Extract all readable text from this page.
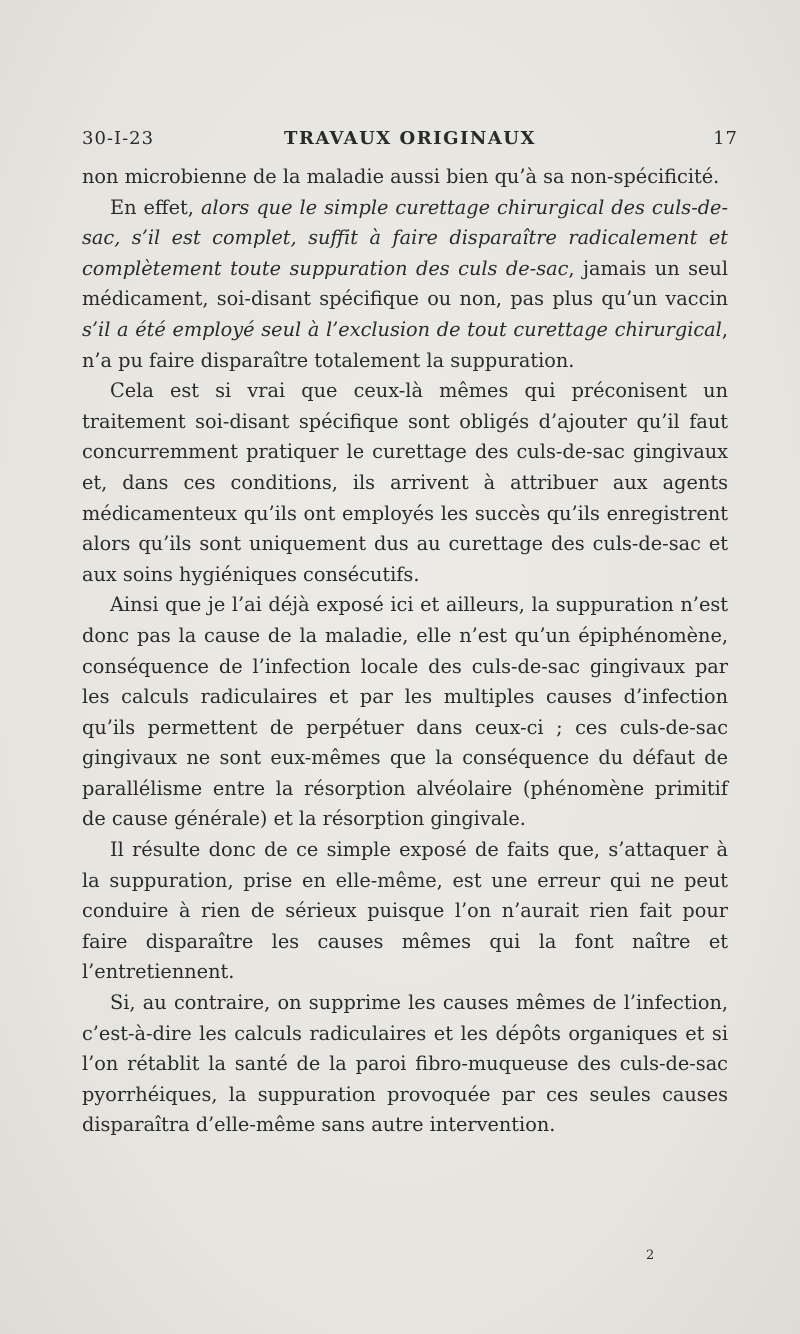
30-I-23	TRAVAUX ORIGINAUX	17

non microbienne de la maladie aussi bien qu’à sa non-spécificité.

En effet, alors que le simple curettage chirurgical des culs-de-sac, s’il est complet, suffit à faire disparaître radicalement et complètement toute suppuration des culs de-sac, jamais un seul médicament, soi-disant spécifique ou non, pas plus qu’un vaccin s’il a été employé seul à l’exclusion de tout curettage chirurgical, n’a pu faire disparaître totalement la suppuration.

Cela est si vrai que ceux-là mêmes qui préconisent un traitement soi-disant spécifique sont obligés d’ajouter qu’il faut concurremment pratiquer le curettage des culs-de-sac gingivaux et, dans ces conditions, ils arrivent à attribuer aux agents médicamenteux qu’ils ont employés les succès qu’ils enregistrent alors qu’ils sont uniquement dus au curettage des culs-de-sac et aux soins hygiéniques consécutifs.

Ainsi que je l’ai déjà exposé ici et ailleurs, la suppuration n’est donc pas la cause de la maladie, elle n’est qu’un épiphénomène, conséquence de l’infection locale des culs-de-sac gingivaux par les calculs radiculaires et par les multiples causes d’infection qu’ils permettent de perpétuer dans ceux-ci ; ces culs-de-sac gingivaux ne sont eux-mêmes que la conséquence du défaut de parallélisme entre la résorption alvéolaire (phénomène primitif de cause générale) et la résorption gingivale.

Il résulte donc de ce simple exposé de faits que, s’attaquer à la suppuration, prise en elle-même, est une erreur qui ne peut conduire à rien de sérieux puisque l’on n’aurait rien fait pour faire disparaître les causes mêmes qui la font naître et l’entretiennent.

Si, au contraire, on supprime les causes mêmes de l’infection, c’est-à-dire les calculs radiculaires et les dépôts organiques et si l’on rétablit la santé de la paroi fibro-muqueuse des culs-de-sac pyorrhéiques, la suppuration provoquée par ces seules causes disparaîtra d’elle-même sans autre intervention.

2
